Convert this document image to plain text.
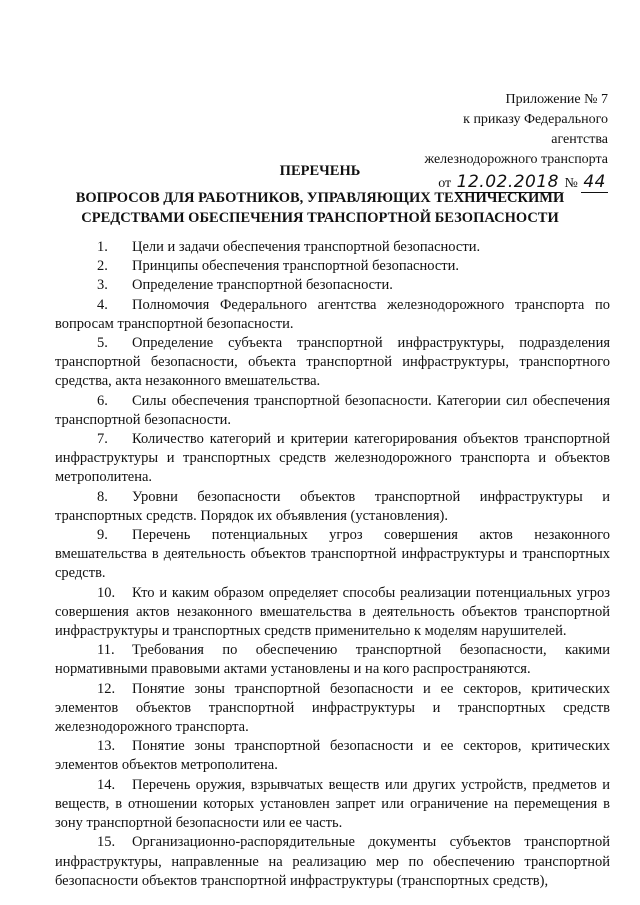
Приложение № 7
к приказу Федерального агентства
железнодорожного транспорта
от 12.02.2018 № 44
ПЕРЕЧЕНЬ
ВОПРОСОВ ДЛЯ РАБОТНИКОВ, УПРАВЛЯЮЩИХ ТЕХНИЧЕСКИМИ
СРЕДСТВАМИ ОБЕСПЕЧЕНИЯ ТРАНСПОРТНОЙ БЕЗОПАСНОСТИ

1. Цели и задачи обеспечения транспортной безопасности.

2. Принципы обеспечения транспортной безопасности.

3. Определение транспортной безопасности.

4. Полномочия Федерального агентства железнодорожного транспорта по вопросам транспортной безопасности.

5. Определение субъекта транспортной инфраструктуры, подразделения транспортной безопасности, объекта транспортной инфраструктуры, транспортного средства, акта незаконного вмешательства.

6. Силы обеспечения транспортной безопасности. Категории сил обеспечения транспортной безопасности.

7. Количество категорий и критерии категорирования объектов транспортной инфраструктуры и транспортных средств железнодорожного транспорта и объектов метрополитена.

8. Уровни безопасности объектов транспортной инфраструктуры и транспортных средств. Порядок их объявления (установления).

9. Перечень потенциальных угроз совершения актов незаконного вмешательства в деятельность объектов транспортной инфраструктуры и транспортных средств.

10. Кто и каким образом определяет способы реализации потенциальных угроз совершения актов незаконного вмешательства в деятельность объектов транспортной инфраструктуры и транспортных средств применительно к моделям нарушителей.

11. Требования по обеспечению транспортной безопасности, какими нормативными правовыми актами установлены и на кого распространяются.

12. Понятие зоны транспортной безопасности и ее секторов, критических элементов объектов транспортной инфраструктуры и транспортных средств железнодорожного транспорта.

13. Понятие зоны транспортной безопасности и ее секторов, критических элементов объектов метрополитена.

14. Перечень оружия, взрывчатых веществ или других устройств, предметов и веществ, в отношении которых установлен запрет или ограничение на перемещения в зону транспортной безопасности или ее часть.

15. Организационно-распорядительные документы субъектов транспортной инфраструктуры, направленные на реализацию мер по обеспечению транспортной безопасности объектов транспортной инфраструктуры (транспортных средств),
